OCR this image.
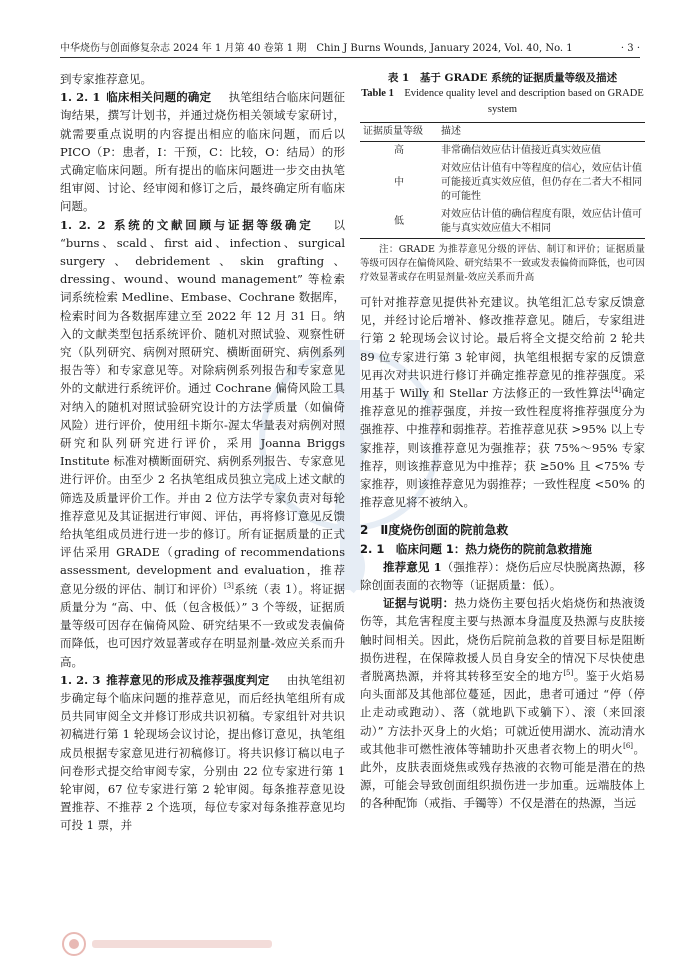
中华烧伤与创面修复杂志 2024 年 1 月第 40 卷第 1 期　Chin J Burns Wounds, January 2024, Vol. 40, No. 1	· 3 ·

到专家推荐意见。

1. 2. 1 临床相关问题的确定　 执笔组结合临床问题征询结果，撰写计划书，并通过烧伤相关领域专家研讨，就需要重点说明的内容提出相应的临床问题，而后以 PICO（P：患者，I：干预，C：比较，O：结局）的形式确定临床问题。所有提出的临床问题进一步交由执笔组审阅、讨论、经审阅和修订之后，最终确定所有临床问题。

1. 2. 2 系统的文献回顾与证据等级确定　 以 “burns、scald、first aid、infection、surgical surgery、debridement、skin grafting、dressing、wound、wound management” 等检索词系统检索 Medline、Embase、Cochrane 数据库，检索时间为各数据库建立至 2022 年 12 月 31 日。纳入的文献类型包括系统评价、随机对照试验、观察性研究（队列研究、病例对照研究、横断面研究、病例系列报告等）和专家意见等。对除病例系列报告和专家意见外的文献进行系统评价。通过 Cochrane 偏倚风险工具对纳入的随机对照试验研究设计的方法学质量（如偏倚风险）进行评价，使用纽卡斯尔-渥太华量表对病例对照研究和队列研究进行评价，采用 Joanna Briggs Institute 标准对横断面研究、病例系列报告、专家意见进行评价。由至少 2 名执笔组成员独立完成上述文献的筛选及质量评价工作。并由 2 位方法学专家负责对每轮推荐意见及其证据进行审阅、评估，再将修订意见反馈给执笔组成员进行进一步的修订。所有证据质量的正式评估采用 GRADE（grading of recommendations assessment, development and evaluation，推荐意见分级的评估、制订和评价）[3]系统（表 1）。将证据质量分为 “高、中、低（包含极低）” 3 个等级，证据质量等级可因存在偏倚风险、研究结果不一致或发表偏倚而降低，也可因疗效显著或存在明显剂量-效应关系而升高。

1. 2. 3 推荐意见的形成及推荐强度判定　 由执笔组初步确定每个临床问题的推荐意见，而后经执笔组所有成员共同审阅全文并修订形成共识初稿。专家组针对共识初稿进行第 1 轮现场会议讨论，提出修订意见，执笔组成员根据专家意见进行初稿修订。将共识修订稿以电子问卷形式提交给审阅专家，分别由 22 位专家进行第 1 轮审阅，67 位专家进行第 2 轮审阅。每条推荐意见设置推荐、不推荐 2 个选项，每位专家对每条推荐意见均可投 1 票，并

表 1　基于 GRADE 系统的证据质量等级及描述
Table 1　 Evidence quality level and description based on GRADE system
证据质量等级	描述
高	非常确信效应估计值接近真实效应值
中	对效应估计值有中等程度的信心，效应估计值可能接近真实效应值，但仍存在二者大不相同的可能性
低	对效应估计值的确信程度有限，效应估计值可能与真实效应值大不相同

注：GRADE 为推荐意见分级的评估、制订和评价；证据质量等级可因存在偏倚风险、研究结果不一致或发表偏倚而降低，也可因疗效显著或存在明显剂量-效应关系而升高

可针对推荐意见提供补充建议。执笔组汇总专家反馈意见，并经讨论后增补、修改推荐意见。随后，专家组进行第 2 轮现场会议讨论。最后将全文提交给前 2 轮共 89 位专家进行第 3 轮审阅，执笔组根据专家的反馈意见再次对共识进行修订并确定推荐意见的推荐强度。采用基于 Willy 和 Stellar 方法修正的一致性算法[4]确定推荐意见的推荐强度，并按一致性程度将推荐强度分为强推荐、中推荐和弱推荐。若推荐意见获 >95% 以上专家推荐，则该推荐意见为强推荐；获 75%～95% 专家推荐，则该推荐意见为中推荐；获 ≥50% 且 <75% 专家推荐，则该推荐意见为弱推荐；一致性程度 <50% 的推荐意见将不被纳入。

2　Ⅱ度烧伤创面的院前急救

2. 1　 临床问题 1：热力烧伤的院前急救措施

推荐意见 1（强推荐）：烧伤后应尽快脱离热源，移除创面表面的衣物等（证据质量：低）。

证据与说明：热力烧伤主要包括火焰烧伤和热液烫伤等，其危害程度主要与热源本身温度及热源与皮肤接触时间相关。因此，烧伤后院前急救的首要目标是阻断损伤进程，在保障救援人员自身安全的情况下尽快使患者脱离热源，并将其转移至安全的地方[5]。鉴于火焰易向头面部及其他部位蔓延，因此，患者可通过 “停（停止走动或跑动）、落（就地趴下或躺下）、滚（来回滚动）” 方法扑灭身上的火焰；可就近使用湖水、流动清水或其他非可燃性液体等辅助扑灭患者衣物上的明火[6]。此外，皮肤表面烧焦或残存热液的衣物可能是潜在的热源，可能会导致创面组织损伤进一步加重。远端肢体上的各种配饰（戒指、手镯等）不仅是潜在的热源，当远
